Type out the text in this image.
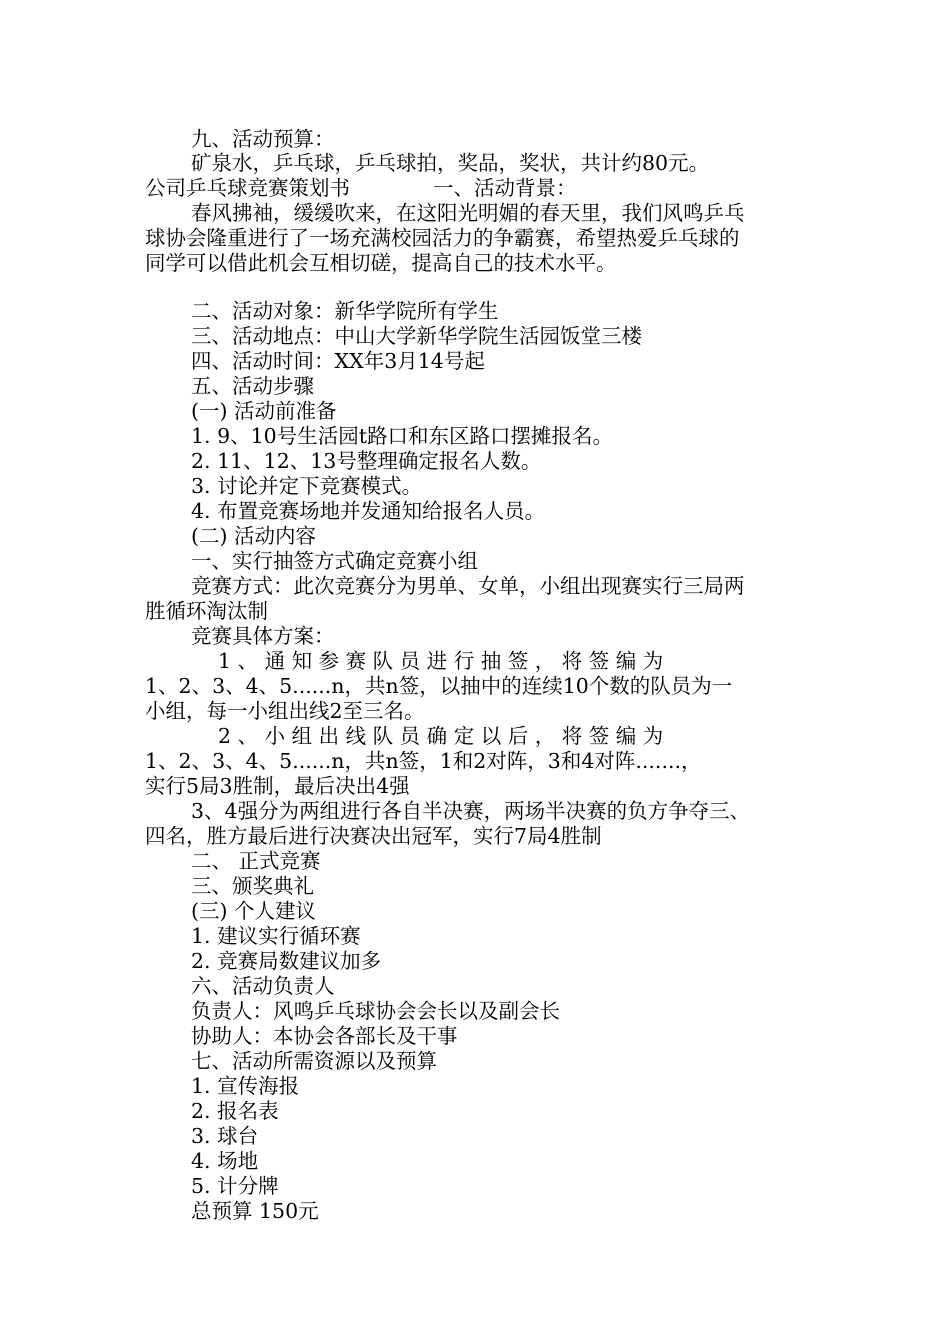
九、活动预算：
矿泉水，乒乓球，乒乓球拍，奖品，奖状，共计约80元。
公司乒乓球竞赛策划书	一、活动背景：
春风拂袖，缓缓吹来，在这阳光明媚的春天里，我们风鸣乒乓
球协会隆重进行了一场充满校园活力的争霸赛，希望热爱乒乓球的
同学可以借此机会互相切磋，提高自己的技术水平。
二、活动对象：新华学院所有学生
三、活动地点：中山大学新华学院生活园饭堂三楼
四、活动时间：XX年3月14号起
五、活动步骤
(一) 活动前准备
1. 9、10号生活园t路口和东区路口摆摊报名。
2. 11、12、13号整理确定报名人数。
3. 讨论并定下竞赛模式。
4. 布置竞赛场地并发通知给报名人员。
(二) 活动内容
一、实行抽签方式确定竞赛小组
竞赛方式：此次竞赛分为男单、女单，小组出现赛实行三局两
胜循环淘汰制
竞赛具体方案：
1 、 通 知 参 赛 队 员 进 行 抽 签 ， 将 签 编 为
1、2、3、4、5......n，共n签，以抽中的连续10个数的队员为一
小组，每一小组出线2至三名。
2 、 小 组 出 线 队 员 确 定 以 后 ， 将 签 编 为
1、2、3、4、5......n，共n签，1和2对阵，3和4对阵.......，
实行5局3胜制，最后决出4强
3、4强分为两组进行各自半决赛，两场半决赛的负方争夺三、
四名，胜方最后进行决赛决出冠军，实行7局4胜制
二、 正式竞赛
三、颁奖典礼
(三) 个人建议
1. 建议实行循环赛
2. 竞赛局数建议加多
六、活动负责人
负责人：风鸣乒乓球协会会长以及副会长
协助人：本协会各部长及干事
七、活动所需资源以及预算
1. 宣传海报
2. 报名表
3. 球台
4. 场地
5. 计分牌
总预算 150元
